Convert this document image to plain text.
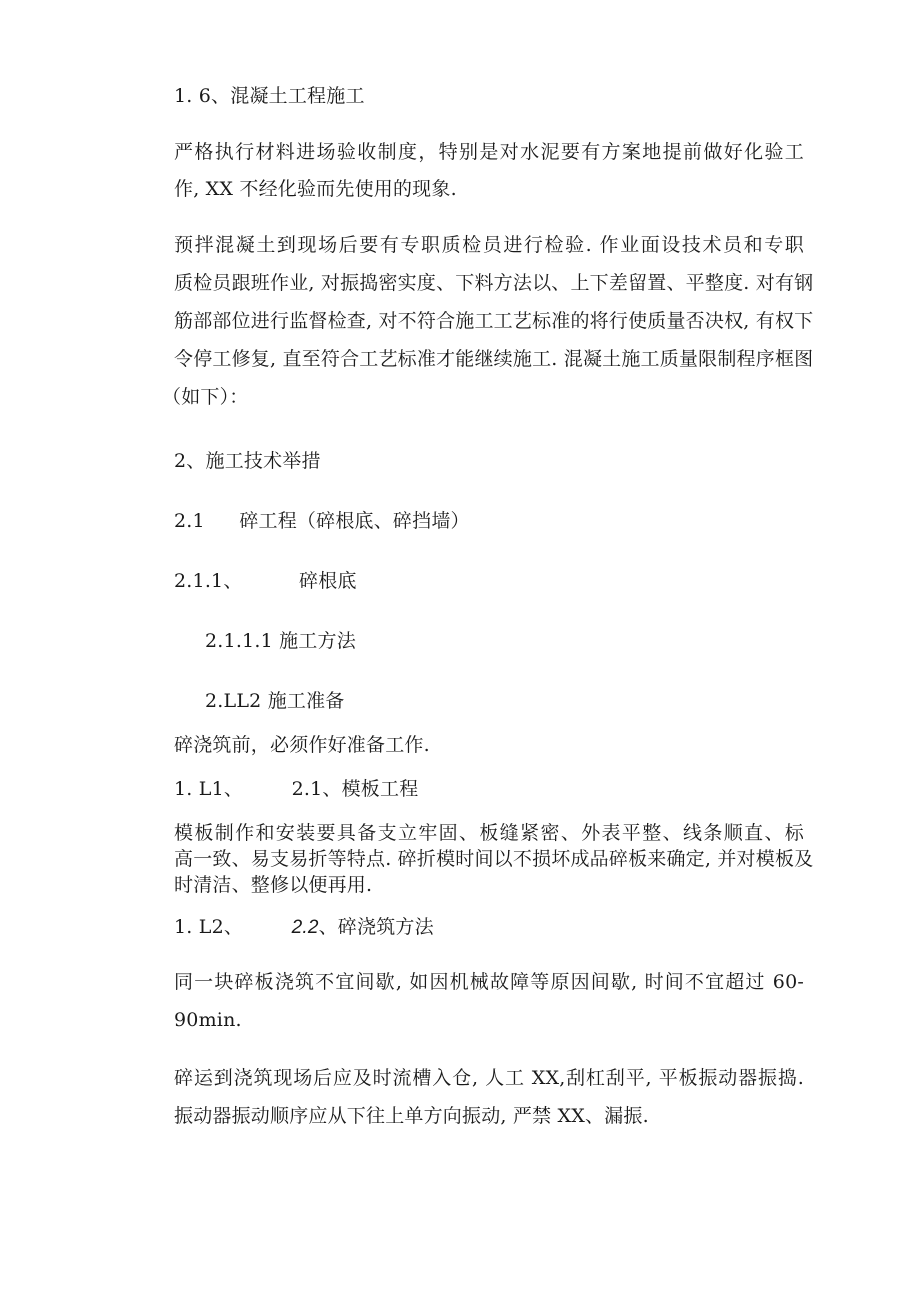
1. 6、混凝土工程施工
严格执行材料进场验收制度，特别是对水泥要有方案地提前做好化验工
作, XX 不经化验而先使用的现象.
预拌混凝土到现场后要有专职质检员进行检验. 作业面设技术员和专职
质检员跟班作业, 对振捣密实度、下料方法以、上下差留置、平整度. 对有钢
筋部部位进行监督检查, 对不符合施工工艺标准的将行使质量否决权, 有权下
令停工修复, 直至符合工艺标准才能继续施工. 混凝土施工质量限制程序框图
（如下）：
2、施工技术举措
2.1 碎工程（碎根底、碎挡墙）
2.1.1、	碎根底
2.1.1.1 施工方法
2.LL2 施工准备
碎浇筑前，必须作好准备工作.
1. L1、	2.1、模板工程
模板制作和安装要具备支立牢固、板缝紧密、外表平整、线条顺直、标
高一致、易支易折等特点. 碎折模时间以不损坏成品碎板来确定, 并对模板及
时清洁、整修以便再用.
1. L2、	2.2、碎浇筑方法
同一块碎板浇筑不宜间歇, 如因机械故障等原因间歇, 时间不宜超过 60-
90min.
碎运到浇筑现场后应及时流槽入仓, 人工 XX,刮杠刮平, 平板振动器振捣.
振动器振动顺序应从下往上单方向振动, 严禁 XX、漏振.
